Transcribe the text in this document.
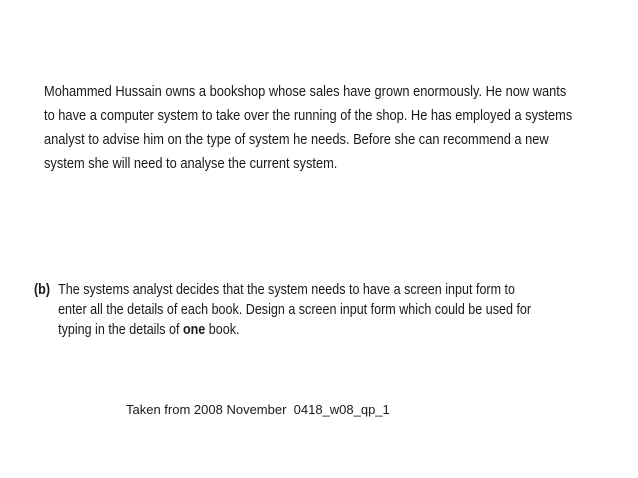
Mohammed Hussain owns a bookshop whose sales have grown enormously. He now wants
to have a computer system to take over the running of the shop. He has employed a systems
analyst to advise him on the type of system he needs. Before she can recommend a new
system she will need to analyse the current system.
(b) The systems analyst decides that the system needs to have a screen input form to
enter all the details of each book. Design a screen input form which could be used for
typing in the details of one book.
Taken from 2008 November  0418_w08_qp_1
